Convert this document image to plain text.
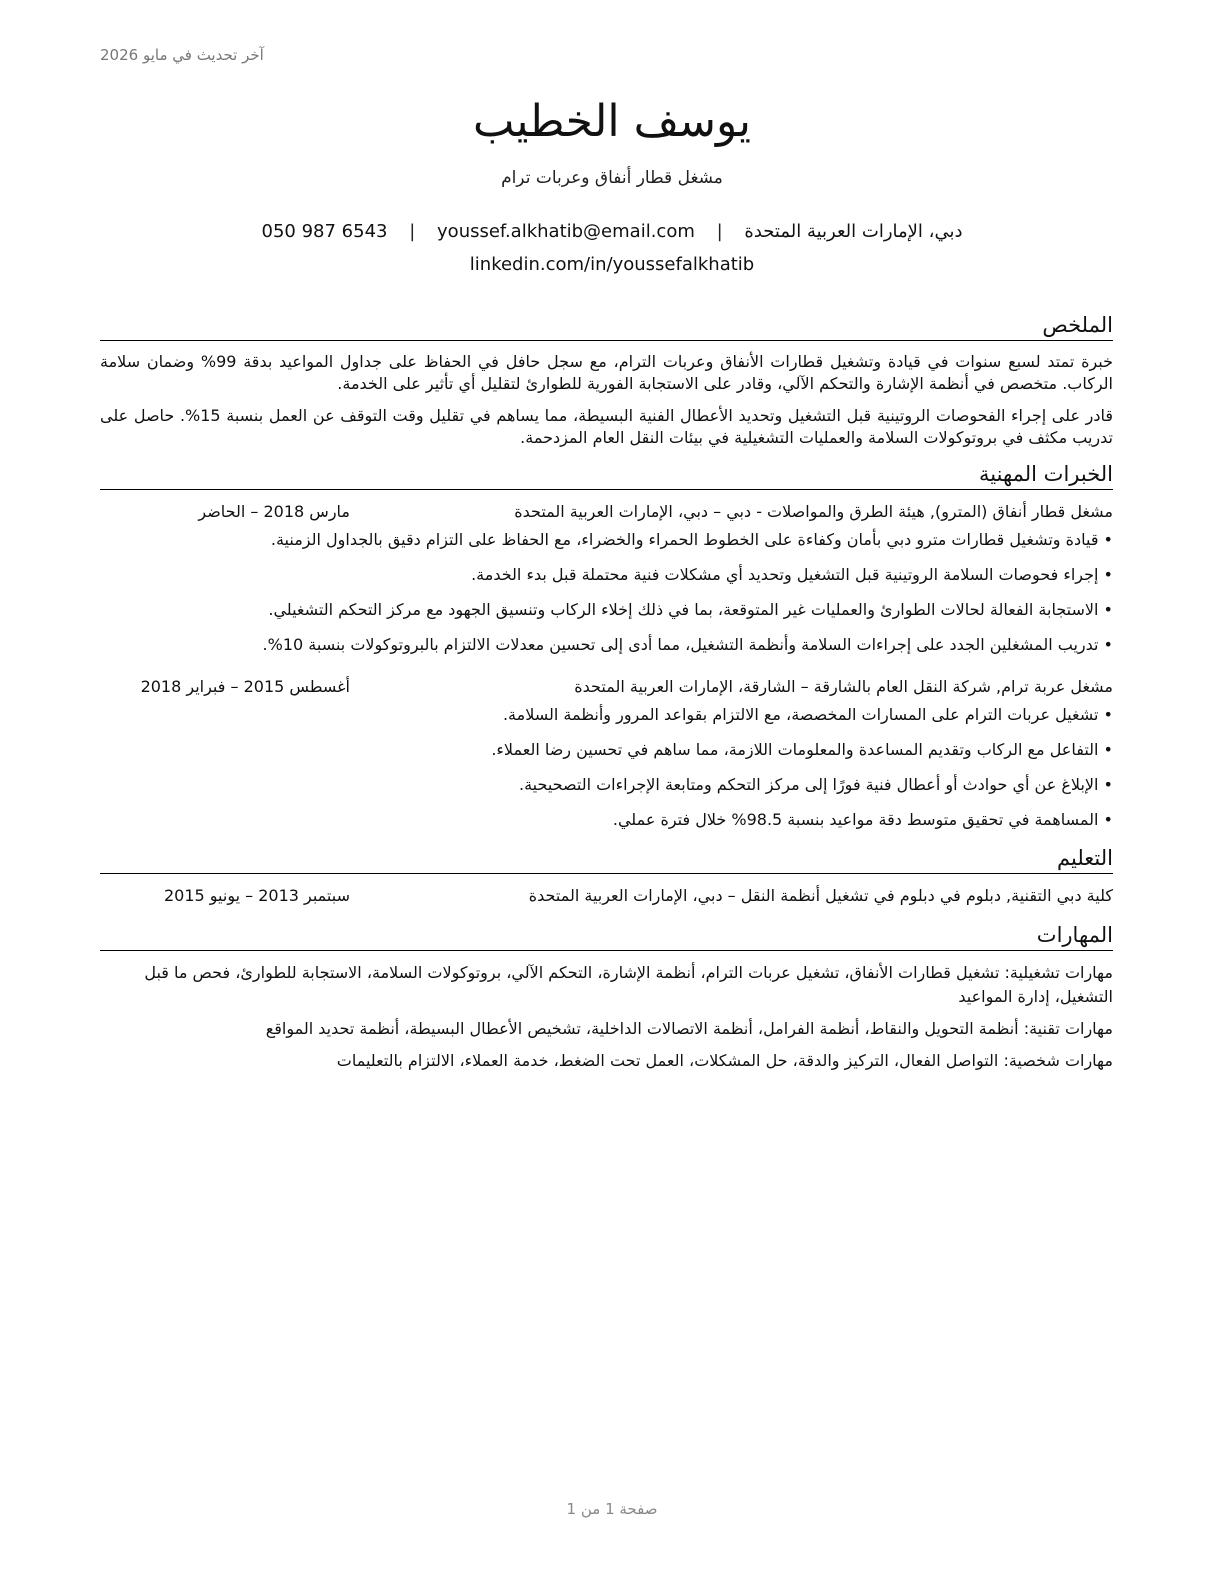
آخر تحديث في مايو 2026
يوسف الخطيب
مشغل قطار أنفاق وعربات ترام
دبي، الإمارات العربية المتحدة | youssef.alkhatib@email.com | 050 987 6543
linkedin.com/in/youssefalkhatib
الملخص

خبرة تمتد لسبع سنوات في قيادة وتشغيل قطارات الأنفاق وعربات الترام، مع سجل حافل في الحفاظ على جداول المواعيد بدقة 99% وضمان سلامة الركاب. متخصص في أنظمة الإشارة والتحكم الآلي، وقادر على الاستجابة الفورية للطوارئ لتقليل أي تأثير على الخدمة.

قادر على إجراء الفحوصات الروتينية قبل التشغيل وتحديد الأعطال الفنية البسيطة، مما يساهم في تقليل وقت التوقف عن العمل بنسبة 15%. حاصل على تدريب مكثف في بروتوكولات السلامة والعمليات التشغيلية في بيئات النقل العام المزدحمة.

الخبرات المهنية
مشغل قطار أنفاق (المترو), هيئة الطرق والمواصلات - دبي – دبي، الإمارات العربية المتحدة
مارس 2018 – الحاضر
• قيادة وتشغيل قطارات مترو دبي بأمان وكفاءة على الخطوط الحمراء والخضراء، مع الحفاظ على التزام دقيق بالجداول الزمنية.
• إجراء فحوصات السلامة الروتينية قبل التشغيل وتحديد أي مشكلات فنية محتملة قبل بدء الخدمة.
• الاستجابة الفعالة لحالات الطوارئ والعمليات غير المتوقعة، بما في ذلك إخلاء الركاب وتنسيق الجهود مع مركز التحكم التشغيلي.
• تدريب المشغلين الجدد على إجراءات السلامة وأنظمة التشغيل، مما أدى إلى تحسين معدلات الالتزام بالبروتوكولات بنسبة 10%.
مشغل عربة ترام, شركة النقل العام بالشارقة – الشارقة، الإمارات العربية المتحدة
أغسطس 2015 – فبراير 2018
• تشغيل عربات الترام على المسارات المخصصة، مع الالتزام بقواعد المرور وأنظمة السلامة.
• التفاعل مع الركاب وتقديم المساعدة والمعلومات اللازمة، مما ساهم في تحسين رضا العملاء.
• الإبلاغ عن أي حوادث أو أعطال فنية فورًا إلى مركز التحكم ومتابعة الإجراءات التصحيحية.
• المساهمة في تحقيق متوسط دقة مواعيد بنسبة 98.5% خلال فترة عملي.
التعليم
كلية دبي التقنية, دبلوم في دبلوم في تشغيل أنظمة النقل – دبي، الإمارات العربية المتحدة
سبتمبر 2013 – يونيو 2015
المهارات

مهارات تشغيلية: تشغيل قطارات الأنفاق، تشغيل عربات الترام، أنظمة الإشارة، التحكم الآلي، بروتوكولات السلامة، الاستجابة للطوارئ، فحص ما قبل التشغيل، إدارة المواعيد

مهارات تقنية: أنظمة التحويل والنقاط، أنظمة الفرامل، أنظمة الاتصالات الداخلية، تشخيص الأعطال البسيطة، أنظمة تحديد المواقع

مهارات شخصية: التواصل الفعال، التركيز والدقة، حل المشكلات، العمل تحت الضغط، خدمة العملاء، الالتزام بالتعليمات

صفحة 1 من 1
